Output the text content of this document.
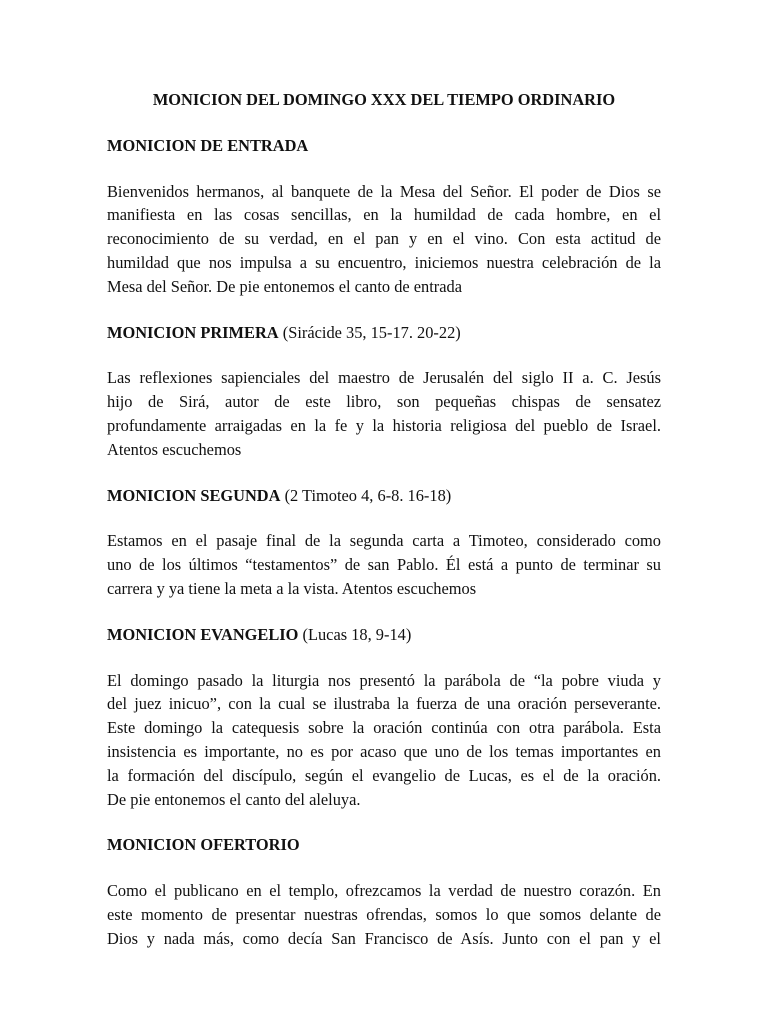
MONICION DEL DOMINGO XXX DEL TIEMPO ORDINARIO
MONICION DE ENTRADA
Bienvenidos hermanos, al banquete de la Mesa del Señor. El poder de Dios se
manifiesta en las cosas sencillas, en la humildad de cada hombre, en el
reconocimiento de su verdad, en el pan y en el vino. Con esta actitud de
humildad que nos impulsa a su encuentro, iniciemos nuestra celebración de la
Mesa del Señor. De pie entonemos el canto de entrada
MONICION PRIMERA (Sirácide 35, 15-17. 20-22)
Las reflexiones sapienciales del maestro de Jerusalén del siglo II a. C. Jesús
hijo de Sirá, autor de este libro, son pequeñas chispas de sensatez
profundamente arraigadas en la fe y la historia religiosa del pueblo de Israel.
Atentos escuchemos
MONICION SEGUNDA (2 Timoteo 4, 6-8. 16-18)
Estamos en el pasaje final de la segunda carta a Timoteo, considerado como
uno de los últimos “testamentos” de san Pablo. Él está a punto de terminar su
carrera y ya tiene la meta a la vista. Atentos escuchemos
MONICION EVANGELIO (Lucas 18, 9-14)
El domingo pasado la liturgia nos presentó la parábola de “la pobre viuda y
del juez inicuo”, con la cual se ilustraba la fuerza de una oración perseverante.
Este domingo la catequesis sobre la oración continúa con otra parábola. Esta
insistencia es importante, no es por acaso que uno de los temas importantes en
la formación del discípulo, según el evangelio de Lucas, es el de la oración.
De pie entonemos el canto del aleluya.
MONICION OFERTORIO
Como el publicano en el templo, ofrezcamos la verdad de nuestro corazón. En
este momento de presentar nuestras ofrendas, somos lo que somos delante de
Dios y nada más, como decía San Francisco de Asís. Junto con el pan y el
